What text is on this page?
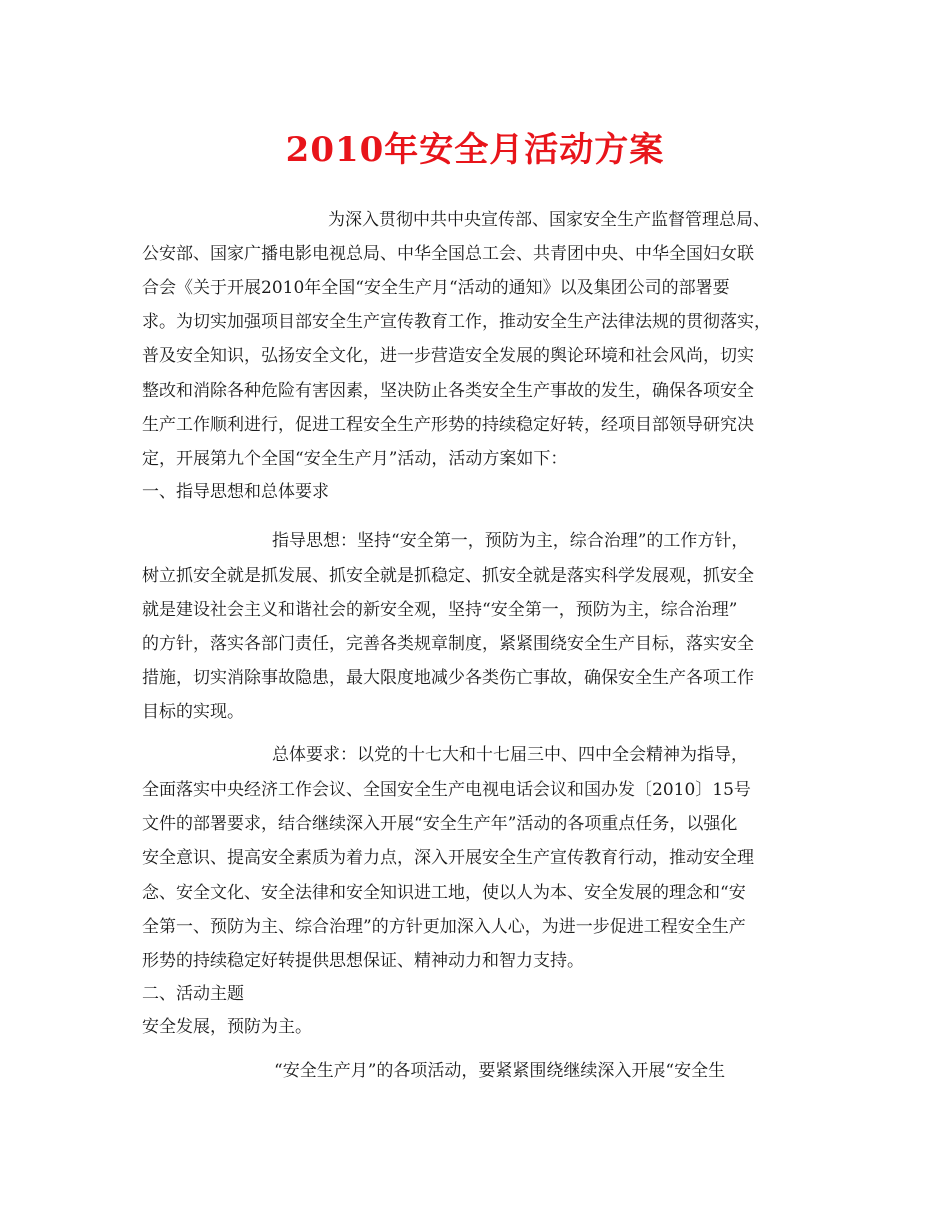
2010年安全月活动方案
为深入贯彻中共中央宣传部、国家安全生产监督管理总局、
公安部、国家广播电影电视总局、中华全国总工会、共青团中央、中华全国妇女联
合会《关于开展2010年全国“安全生产月“活动的通知》以及集团公司的部署要
求。为切实加强项目部安全生产宣传教育工作，推动安全生产法律法规的贯彻落实，
普及安全知识，弘扬安全文化，进一步营造安全发展的舆论环境和社会风尚，切实
整改和消除各种危险有害因素，坚决防止各类安全生产事故的发生，确保各项安全
生产工作顺利进行，促进工程安全生产形势的持续稳定好转，经项目部领导研究决
定，开展第九个全国“安全生产月”活动，活动方案如下：
一、指导思想和总体要求
指导思想：坚持“安全第一，预防为主，综合治理”的工作方针，
树立抓安全就是抓发展、抓安全就是抓稳定、抓安全就是落实科学发展观，抓安全
就是建设社会主义和谐社会的新安全观，坚持“安全第一，预防为主，综合治理”
的方针，落实各部门责任，完善各类规章制度，紧紧围绕安全生产目标，落实安全
措施，切实消除事故隐患，最大限度地减少各类伤亡事故，确保安全生产各项工作
目标的实现。
总体要求：以党的十七大和十七届三中、四中全会精神为指导，
全面落实中央经济工作会议、全国安全生产电视电话会议和国办发〔2010〕15号
文件的部署要求，结合继续深入开展“安全生产年”活动的各项重点任务，以强化
安全意识、提高安全素质为着力点，深入开展安全生产宣传教育行动，推动安全理
念、安全文化、安全法律和安全知识进工地，使以人为本、安全发展的理念和“安
全第一、预防为主、综合治理”的方针更加深入人心，为进一步促进工程安全生产
形势的持续稳定好转提供思想保证、精神动力和智力支持。
二、活动主题
安全发展，预防为主。
“安全生产月”的各项活动，要紧紧围绕继续深入开展“安全生
